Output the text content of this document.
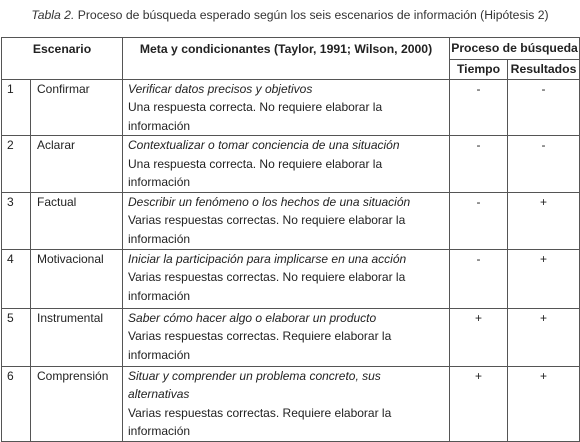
Tabla 2. Proceso de búsqueda esperado según los seis escenarios de información (Hipótesis 2)
Escenario		Meta y condicionantes (Taylor, 1991; Wilson, 2000)	Proceso de búsqueda	
			Tiempo	Resultados
1	Confirmar	Verificar datos precisos y objetivos
Una respuesta correcta. No requiere elaborar la información	-	-
2	Aclarar	Contextualizar o tomar conciencia de una situación
Una respuesta correcta. No requiere elaborar la información	-	-
3	Factual	Describir un fenómeno o los hechos de una situación
Varias respuestas correctas. No requiere elaborar la información	-	+
4	Motivacional	Iniciar la participación para implicarse en una acción
Varias respuestas correctas. No requiere elaborar la información	-	+
5	Instrumental	Saber cómo hacer algo o elaborar un producto
Varias respuestas correctas. Requiere elaborar la información	+	+
6	Comprensión	Situar y comprender un problema concreto, sus alternativas
Varias respuestas correctas. Requiere elaborar la información	+	+
